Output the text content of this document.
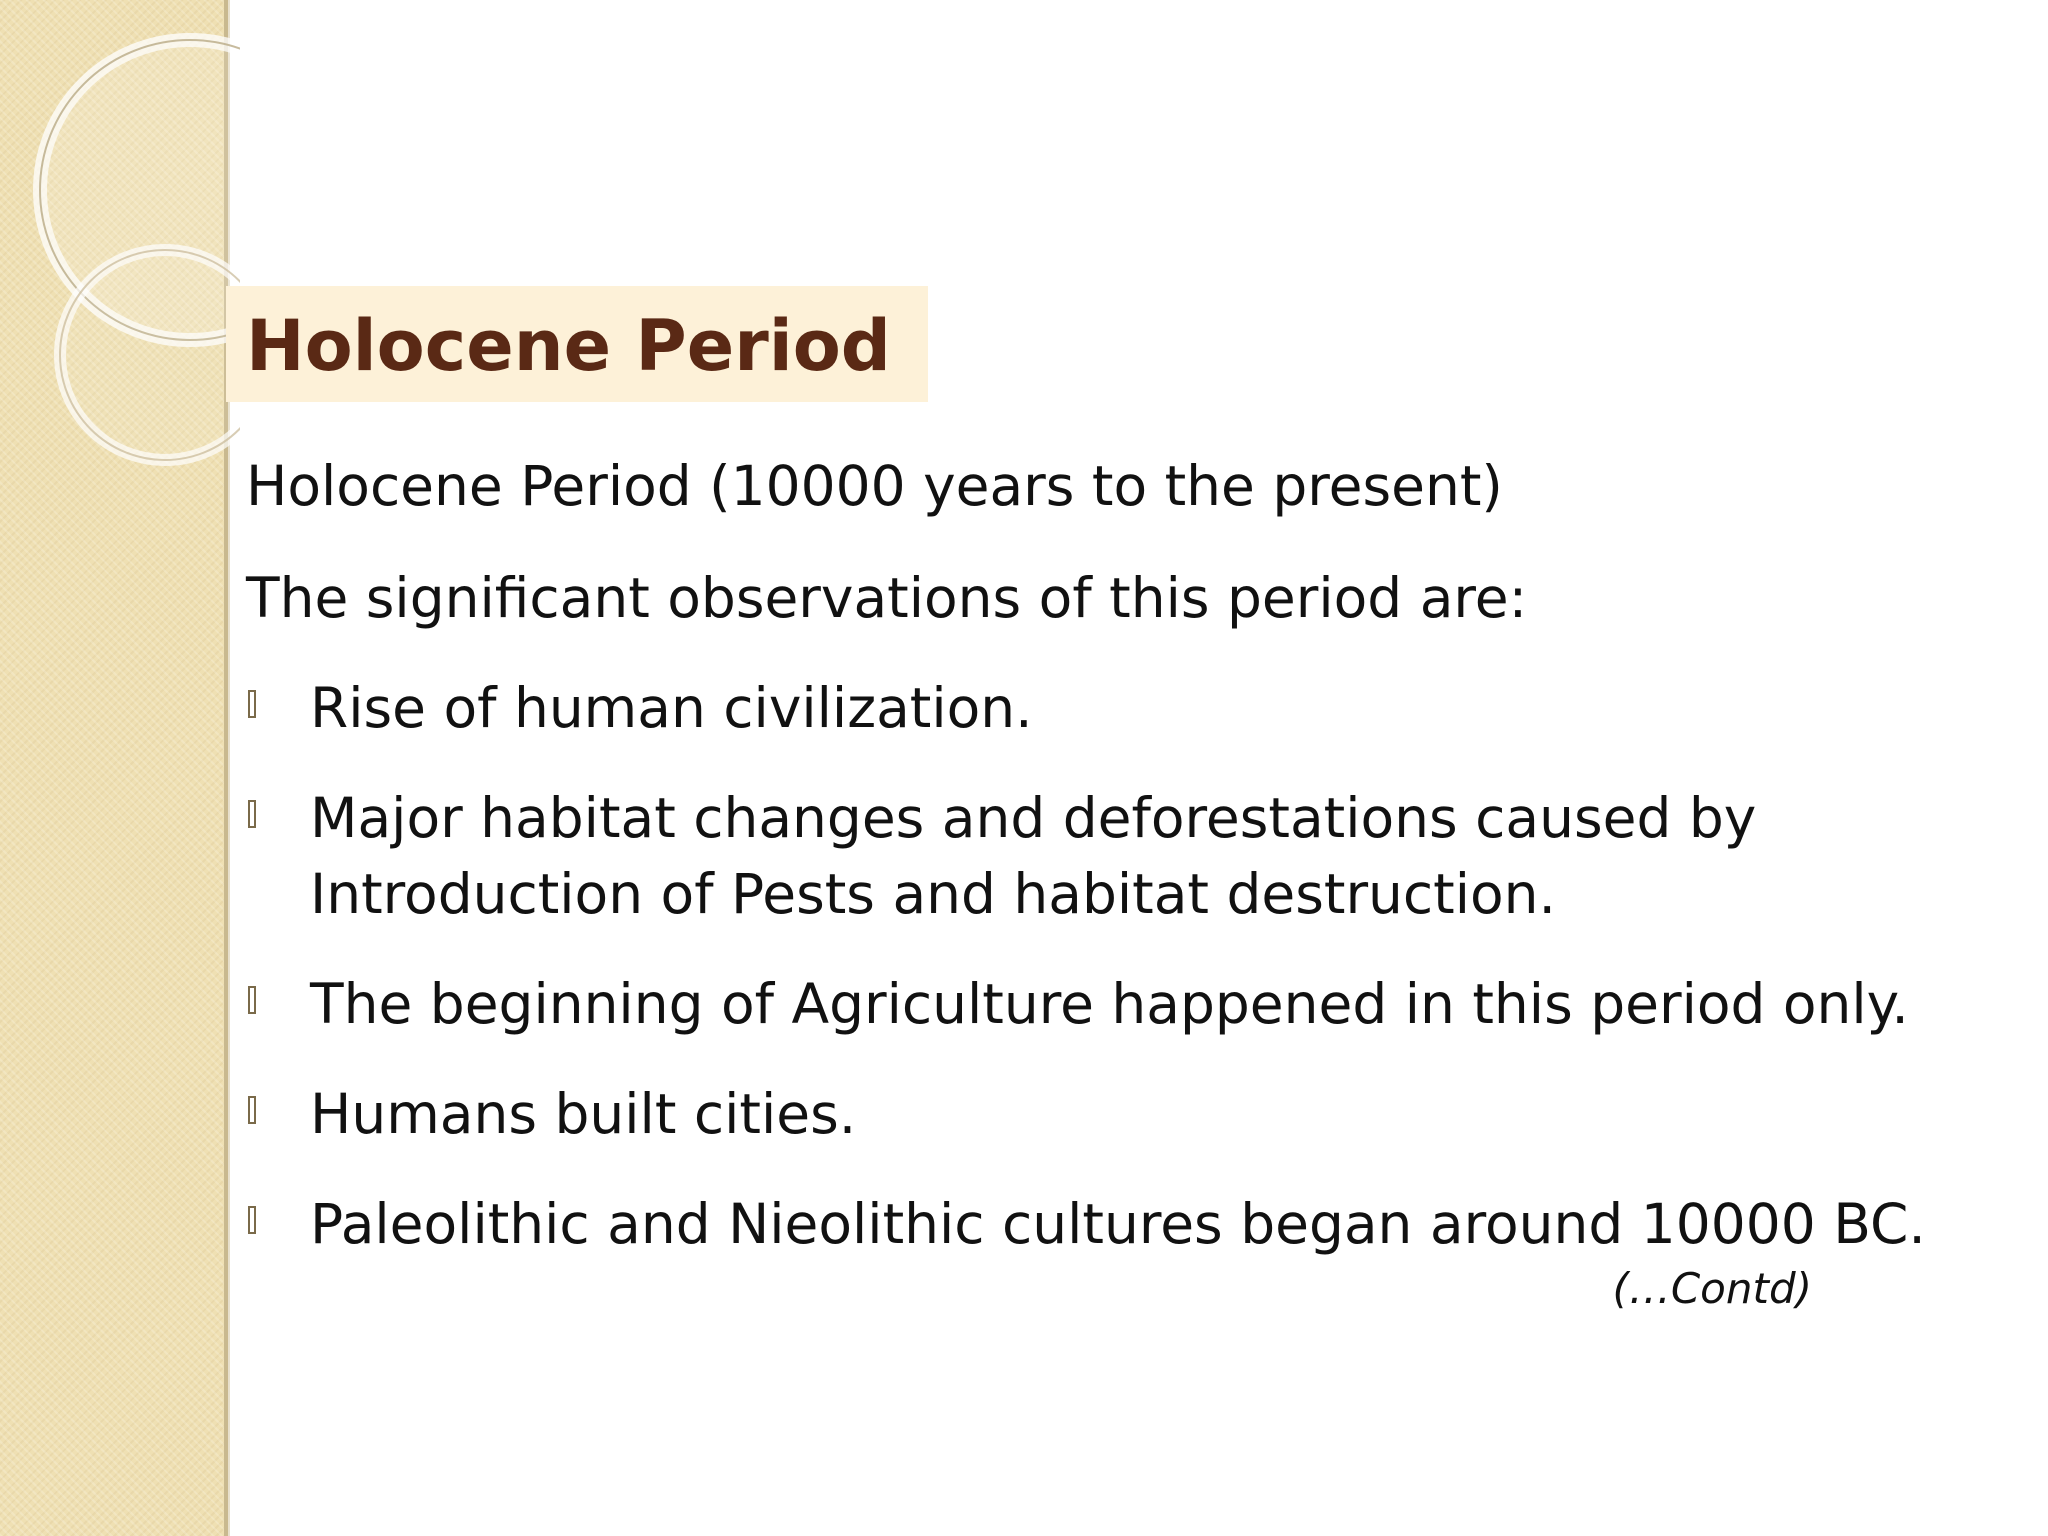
Holocene Period

Holocene Period (10000 years to the present)

The significant observations of this period are:

Rise of human civilization.
Major habitat changes and deforestations caused by
Introduction of Pests and habitat destruction.
The beginning of Agriculture happened in this period only.
Humans built cities.
Paleolithic and Nieolithic cultures began around 10000 BC.
(…Contd)
